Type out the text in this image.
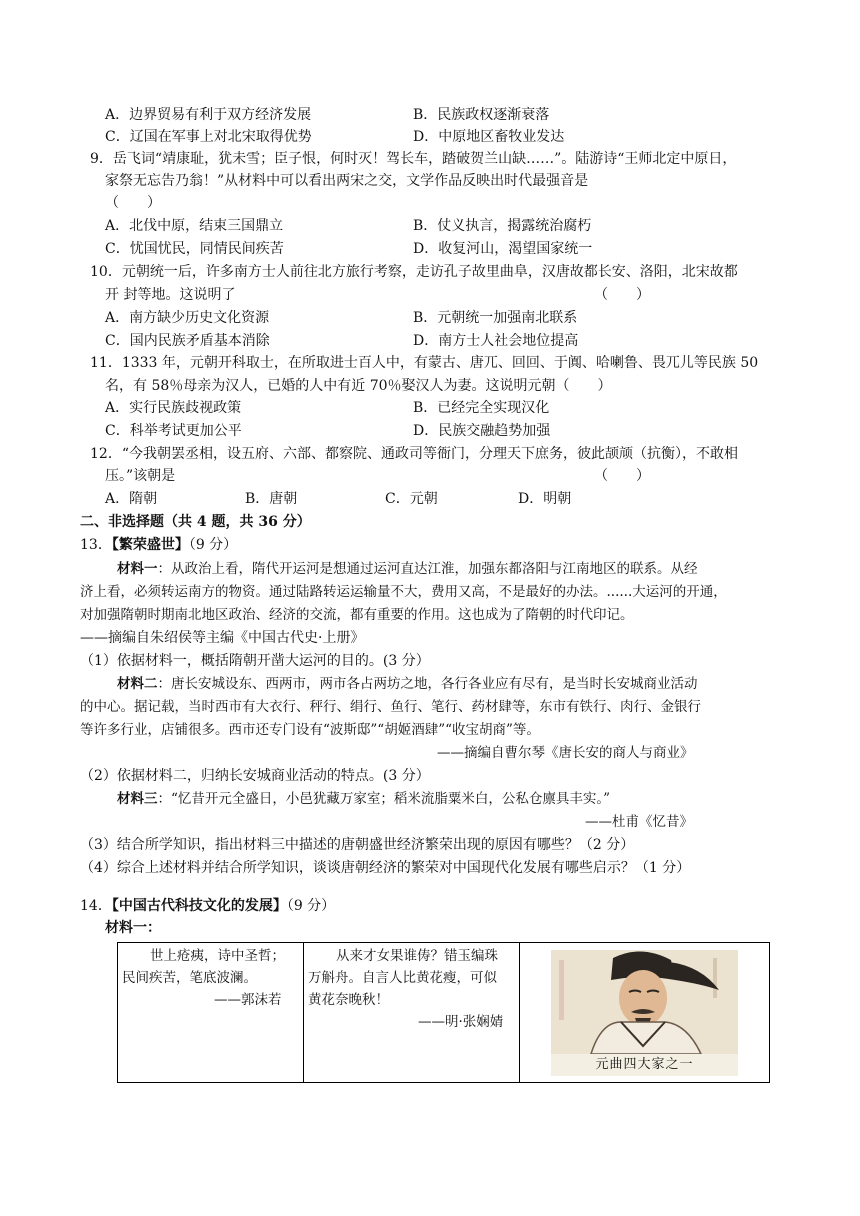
A．边界贸易有利于双方经济发展	B．民族政权逐渐衰落
C．辽国在军事上对北宋取得优势	D．中原地区畜牧业发达
9．岳飞词“靖康耻，犹未雪；臣子恨，何时灭！驾长车，踏破贺兰山缺……”。陆游诗“王师北定中原日，
家祭无忘告乃翁！”从材料中可以看出两宋之交，文学作品反映出时代最强音是
（　　）
A．北伐中原，结束三国鼎立	B．仗义执言，揭露统治腐朽
C．忧国忧民，同情民间疾苦	D．收复河山，渴望国家统一
10．元朝统一后，许多南方士人前往北方旅行考察，走访孔子故里曲阜，汉唐故都长安、洛阳，北宋故都
开 封等地。这说明了	（　　）
A．南方缺少历史文化资源	B．元朝统一加强南北联系
C．国内民族矛盾基本消除	D．南方士人社会地位提高
11．1333 年，元朝开科取士，在所取进士百人中，有蒙古、唐兀、回回、于阗、哈喇鲁、畏兀儿等民族 50
名，有 58％母亲为汉人，已婚的人中有近 70％娶汉人为妻。这说明元朝（　　）
A．实行民族歧视政策	B．已经完全实现汉化
C．科举考试更加公平	D．民族交融趋势加强
12．“今我朝罢丞相，设五府、六部、都察院、通政司等衙门，分理天下庶务，彼此颉颃（抗衡），不敢相
压。”该朝是	（　　）
A．隋朝	B．唐朝	C．元朝	D．明朝
二、非选择题（共 4 题，共 36 分）
13．【繁荣盛世】（9 分）
材料一：从政治上看，隋代开运河是想通过运河直达江淮，加强东都洛阳与江南地区的联系。从经
济上看，必须转运南方的物资。通过陆路转运运输量不大，费用又高，不是最好的办法。......大运河的开通，
对加强隋朝时期南北地区政治、经济的交流，都有重要的作用。这也成为了隋朝的时代印记。
——摘编自朱绍侯等主编《中国古代史·上册》
（1）依据材料一，概括隋朝开凿大运河的目的。(3 分）
材料二：唐长安城设东、西两市，两市各占两坊之地，各行各业应有尽有，是当时长安城商业活动
的中心。据记载，当时西市有大衣行、秤行、绢行、鱼行、笔行、药材肆等，东市有铁行、肉行、金银行
等许多行业，店铺很多。西市还专门设有“波斯邸”“胡姬酒肆”“收宝胡商”等。
——摘编自曹尔琴《唐长安的商人与商业》
（2）依据材料二，归纳长安城商业活动的特点。(3 分）
材料三：“忆昔开元全盛日，小邑犹藏万家室；稻米流脂粟米白，公私仓廪具丰实。”
——杜甫《忆昔》
（3）结合所学知识，指出材料三中描述的唐朝盛世经济繁荣出现的原因有哪些？（2 分）
（4）综合上述材料并结合所学知识，谈谈唐朝经济的繁荣对中国现代化发展有哪些启示？（1 分）
14．【中国古代科技文化的发展】（9 分）
材料一：
世上疮痍，诗中圣哲；
民间疾苦，笔底波澜。
——郭沫若

从来才女果谁俦？错玉编珠
万斛舟。自言人比黄花瘦，可似
黄花奈晚秋！
——明·张娴婧

元曲四大家之一
